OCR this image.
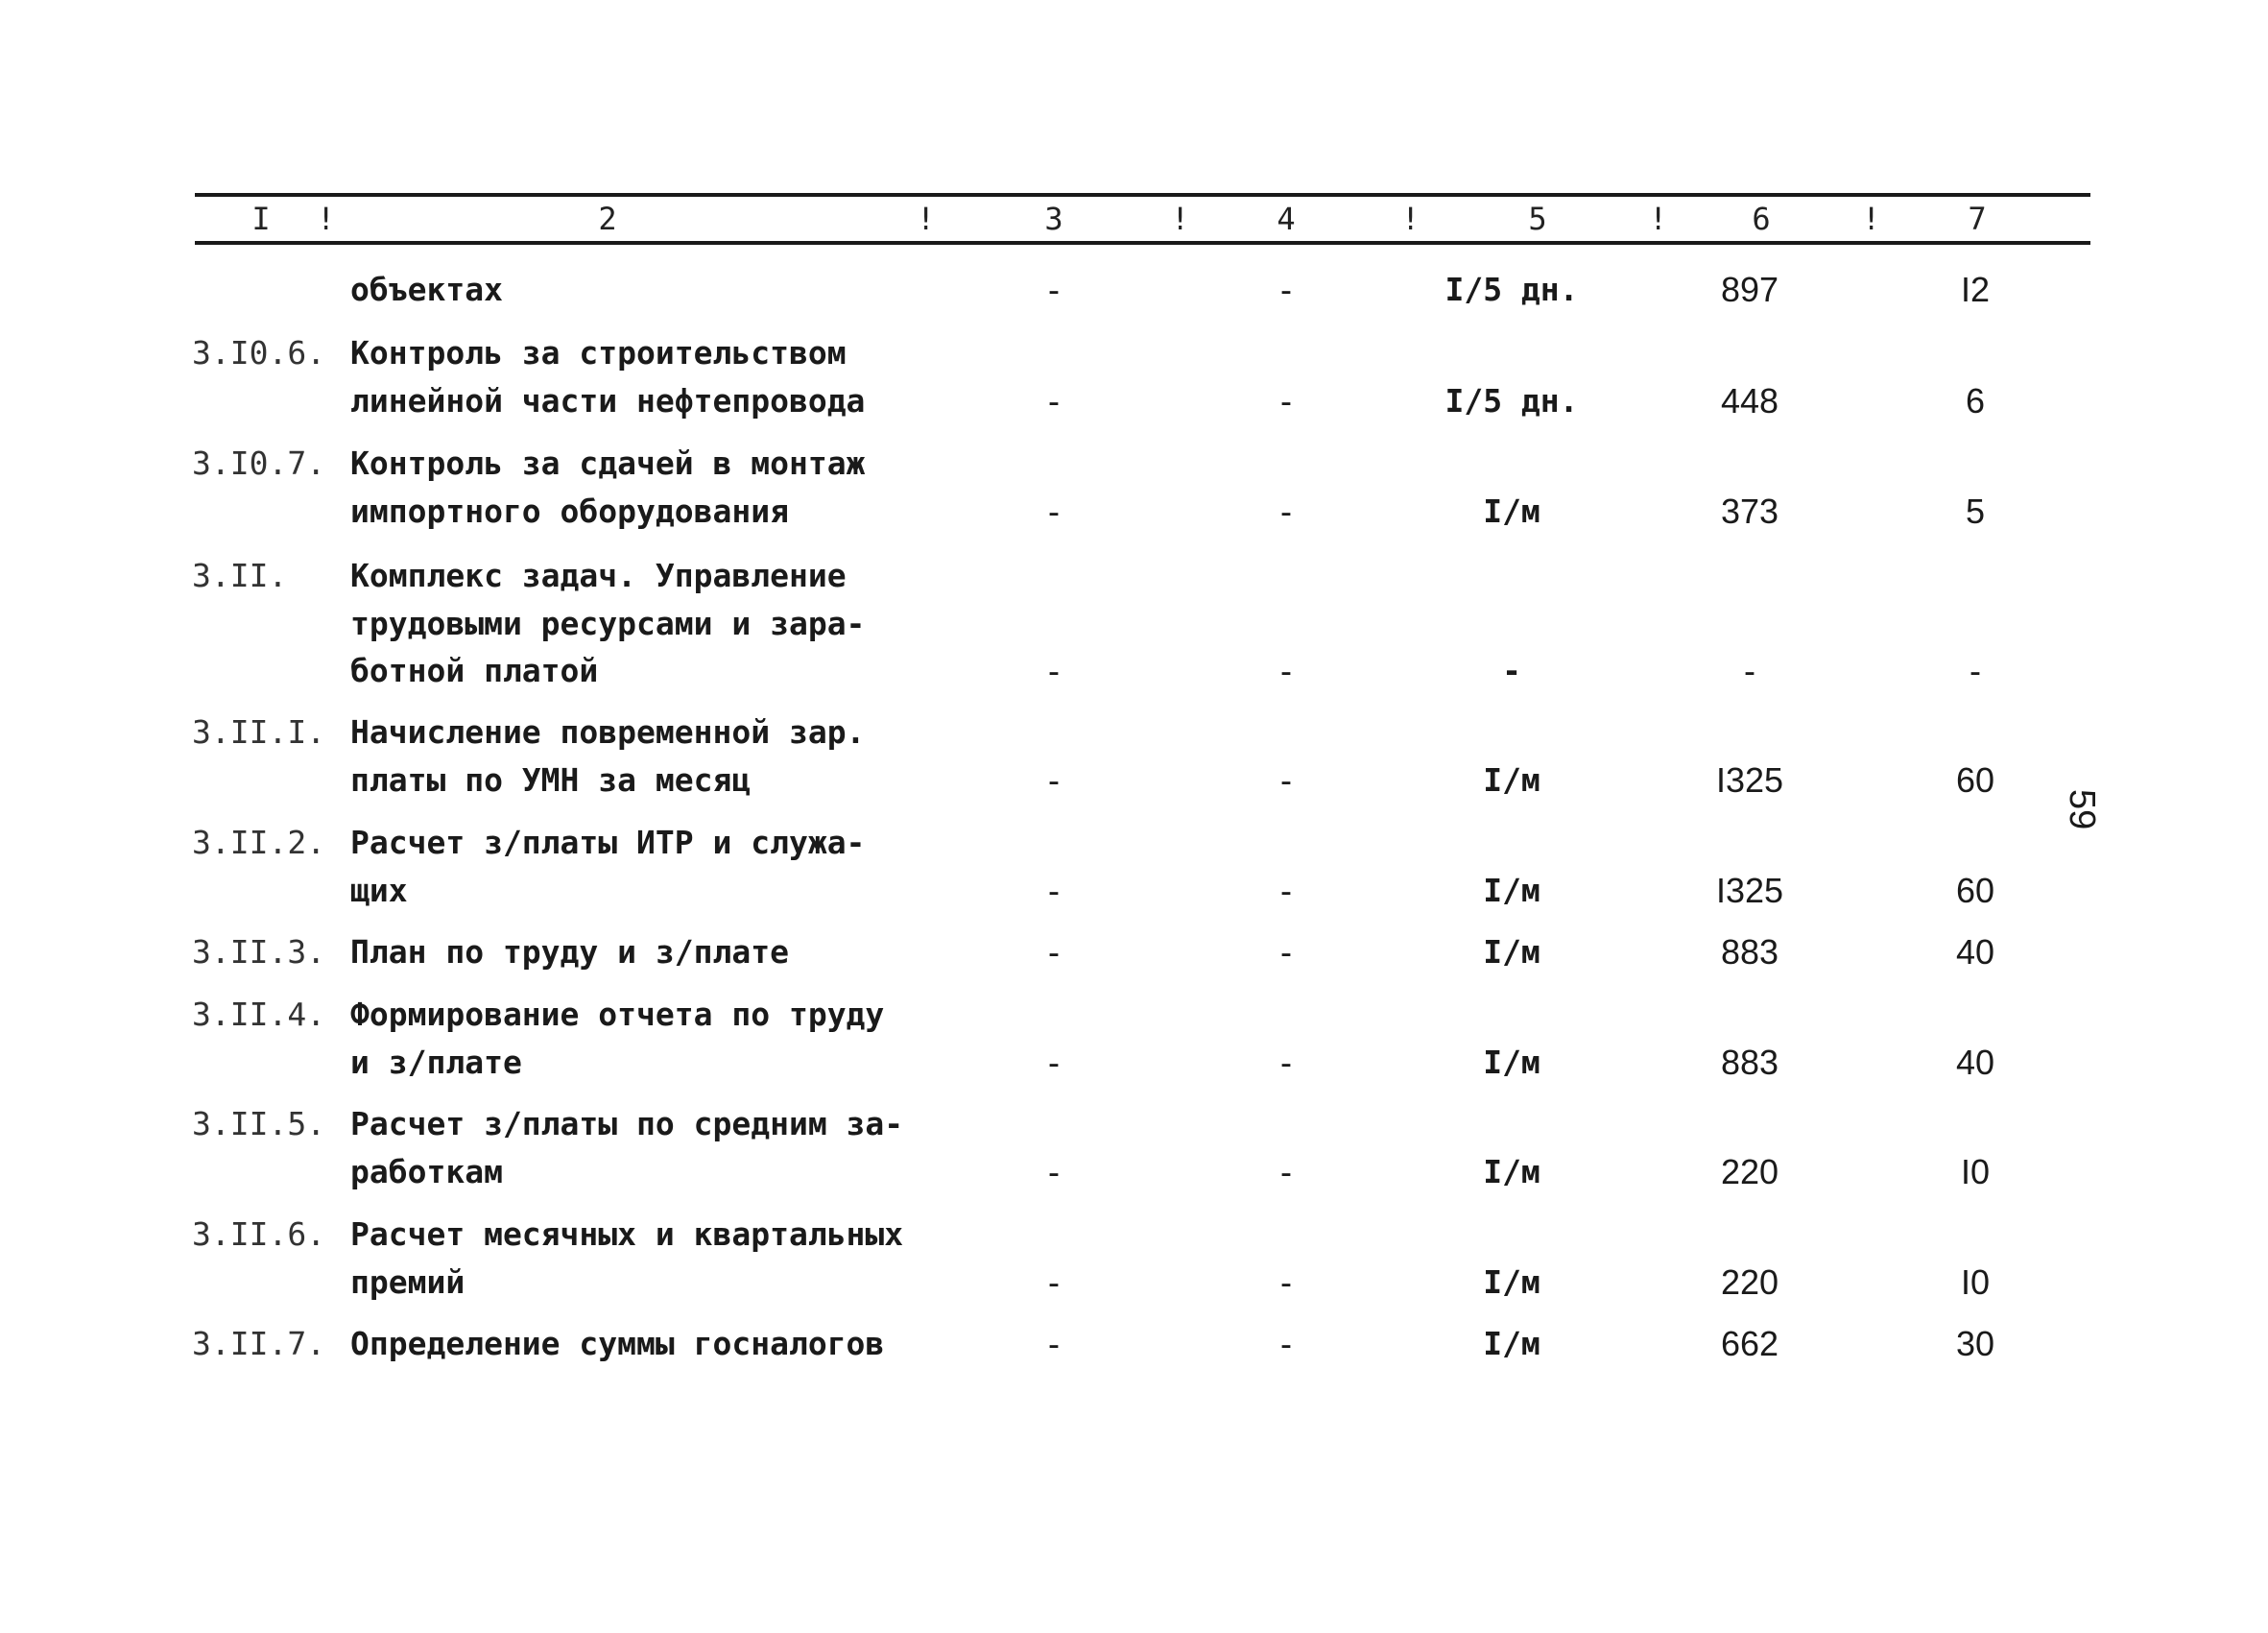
I	2	3	4	5	6	7
!	!	!	!	!	!
объектах	-	-	I/5 дн.	897	I2
3.I0.6. Контроль за строительством
линейной части нефтепровода	-	-	I/5 дн.	448	6
3.I0.7. Контроль за сдачей в монтаж
импортного оборудования	-	-	I/м	373	5
3.II. Комплекс задач. Управление
трудовыми ресурсами и зара-
ботной платой	-	-	-	-	-
3.II.I. Начисление повременной зар.
платы по УМН за месяц	-	-	I/м	I325	60
3.II.2. Расчет з/платы ИТР и служа-
щих	-	-	I/м	I325	60
3.II.3. План по труду и з/плате	-	-	I/м	883	40
3.II.4. Формирование отчета по труду
и з/плате	-	-	I/м	883	40
3.II.5. Расчет з/платы по средним за-
работкам	-	-	I/м	220	I0
3.II.6. Расчет месячных и квартальных
премий	-	-	I/м	220	I0
3.II.7. Определение суммы госналогов	-	-	I/м	662	30
59
